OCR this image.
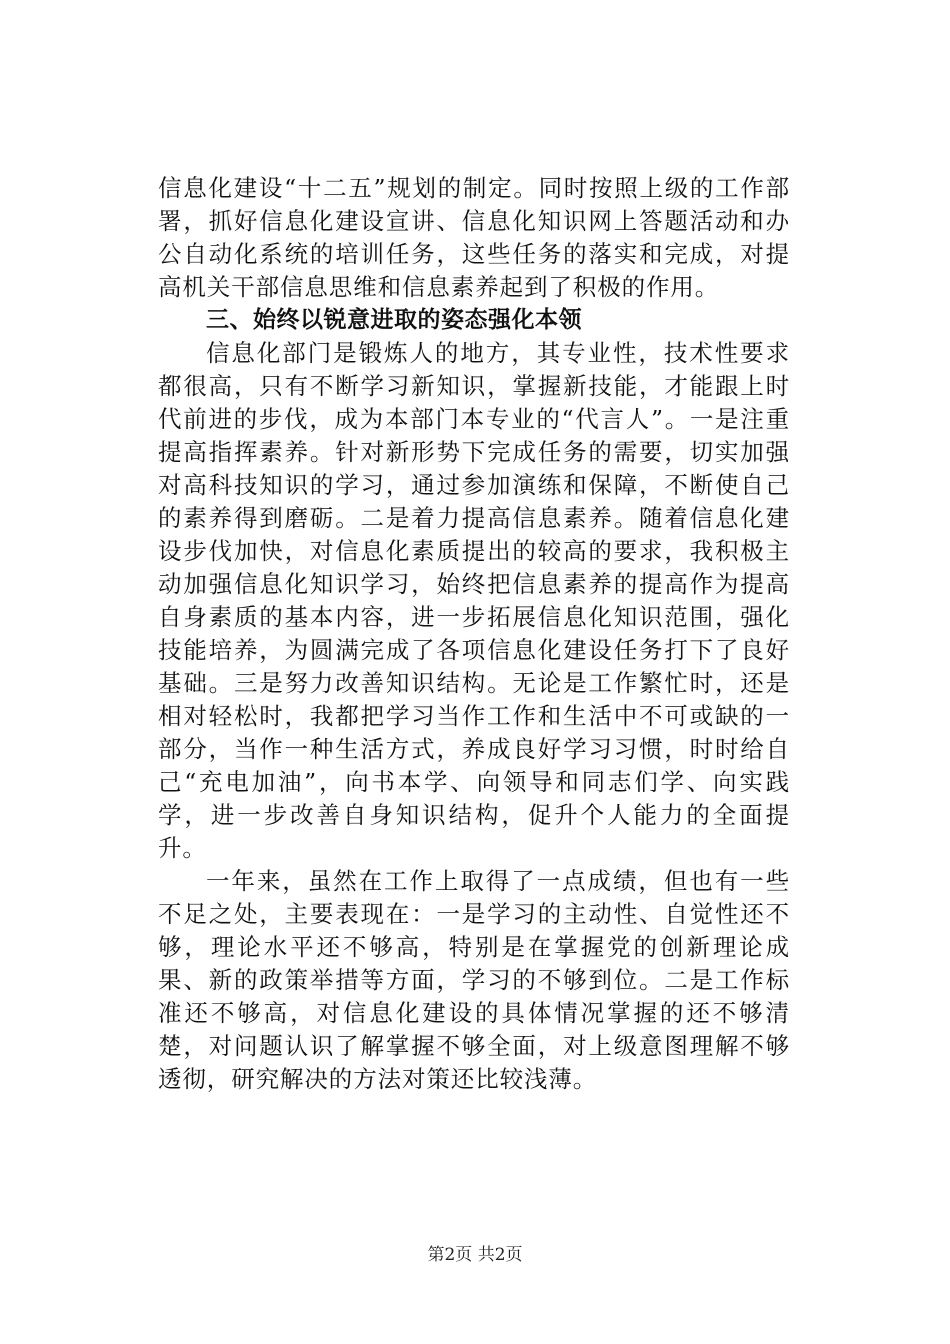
信息化建设“十二五”规划的制定。同时按照上级的工作部署，抓好信息化建设宣讲、信息化知识网上答题活动和办公自动化系统的培训任务，这些任务的落实和完成，对提高机关干部信息思维和信息素养起到了积极的作用。

三、始终以锐意进取的姿态强化本领

信息化部门是锻炼人的地方，其专业性，技术性要求都很高，只有不断学习新知识，掌握新技能，才能跟上时代前进的步伐，成为本部门本专业的“代言人”。一是注重提高指挥素养。针对新形势下完成任务的需要，切实加强对高科技知识的学习，通过参加演练和保障，不断使自己的素养得到磨砺。二是着力提高信息素养。随着信息化建设步伐加快，对信息化素质提出的较高的要求，我积极主动加强信息化知识学习，始终把信息素养的提高作为提高自身素质的基本内容，进一步拓展信息化知识范围，强化技能培养，为圆满完成了各项信息化建设任务打下了良好基础。三是努力改善知识结构。无论是工作繁忙时，还是相对轻松时，我都把学习当作工作和生活中不可或缺的一部分，当作一种生活方式，养成良好学习习惯，时时给自己“充电加油”，向书本学、向领导和同志们学、向实践学，进一步改善自身知识结构，促升个人能力的全面提升。

一年来，虽然在工作上取得了一点成绩，但也有一些不足之处，主要表现在：一是学习的主动性、自觉性还不够，理论水平还不够高，特别是在掌握党的创新理论成果、新的政策举措等方面，学习的不够到位。二是工作标准还不够高，对信息化建设的具体情况掌握的还不够清楚，对问题认识了解掌握不够全面，对上级意图理解不够透彻，研究解决的方法对策还比较浅薄。

第2页 共2页
